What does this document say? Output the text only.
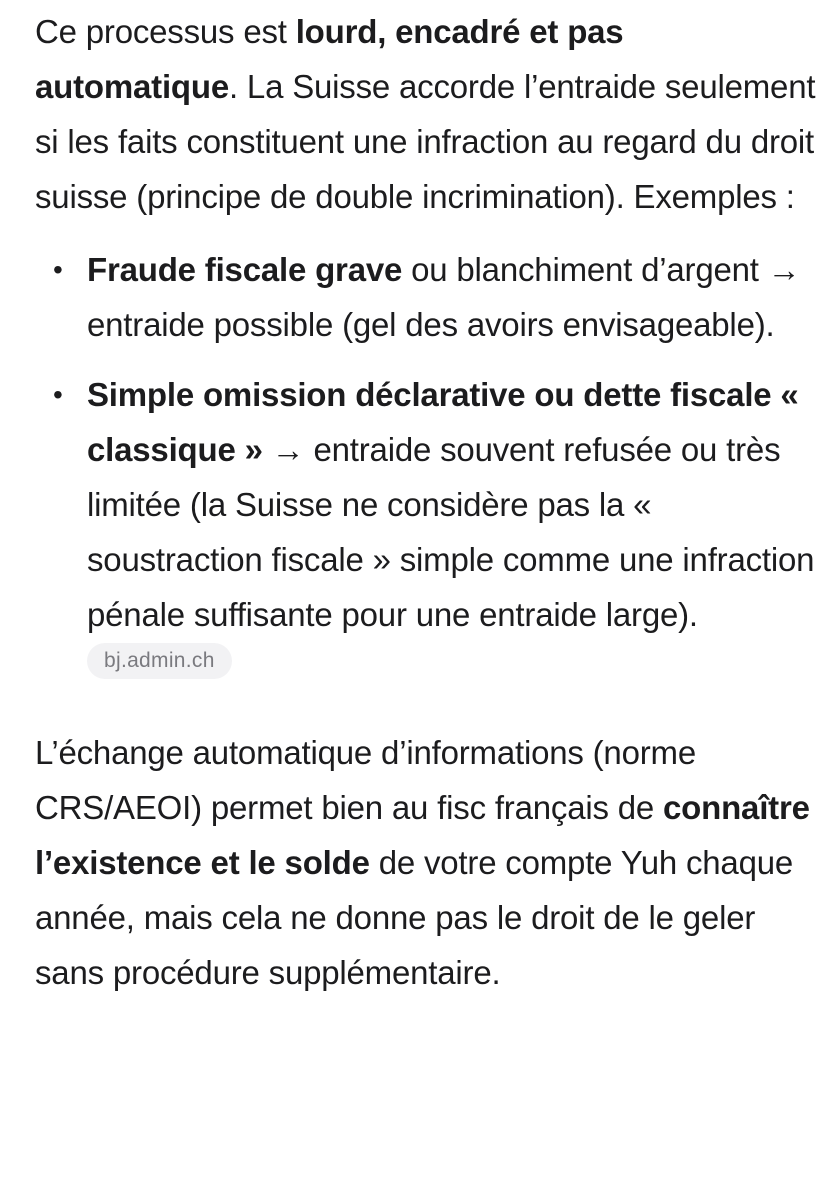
Ce processus est lourd, encadré et pas automatique. La Suisse accorde l’entraide seulement si les faits constituent une infraction au regard du droit suisse (principe de double incrimination). Exemples :

• Fraude fiscale grave ou blanchiment d’argent → entraide possible (gel des avoirs envisageable).
• Simple omission déclarative ou dette fiscale « classique » → entraide souvent refusée ou très limitée (la Suisse ne considère pas la « soustraction fiscale » simple comme une infraction pénale suffisante pour une entraide large).
bj.admin.ch

L’échange automatique d’informations (norme CRS/AEOI) permet bien au fisc français de connaître l’existence et le solde de votre compte Yuh chaque année, mais cela ne donne pas le droit de le geler sans procédure supplémentaire.
